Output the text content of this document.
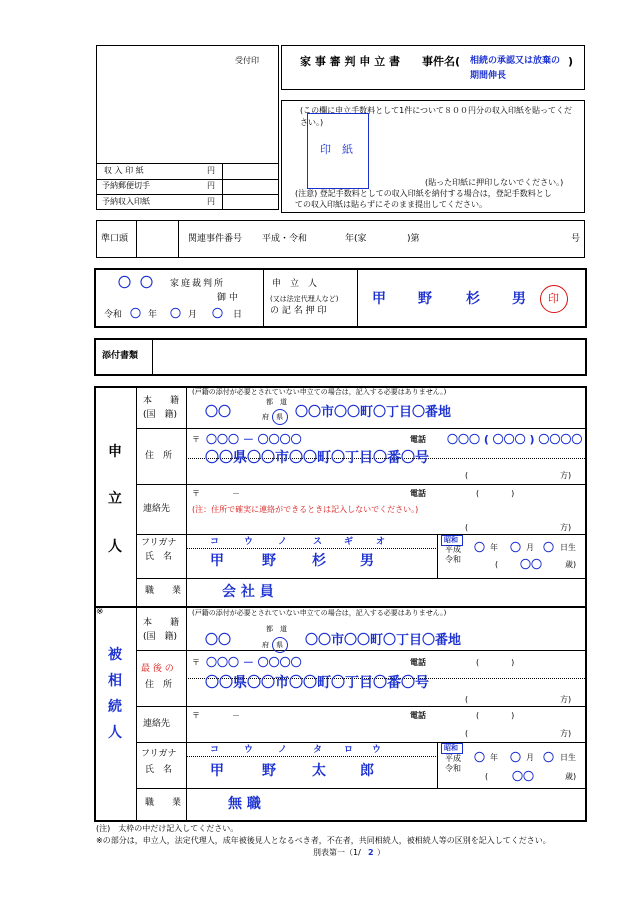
受付印
収 入 印 紙	円
予納郵便切手	円
予納収入印紙	円
家 事 審 判 申 立 書 事件名( 相続の承認又は放棄の )
期間伸長
(この欄に申立手数料として1件について８００円分の収入印紙を貼ってくだ
さい。)
印　紙
(貼った印紙に押印しないでください。)
(注意) 登記手数料としての収入印紙を納付する場合は，登記手数料とし
ての収入印紙は貼らずにそのまま提出してください。
準口頭	関連事件番号 平成・令和	年(家	)第	号
〇 〇 家庭裁判所
御中
令和 〇 年 〇 月 〇 日
申　立　人
(又は法定代理人など)
の 記 名 押 印
甲 野 杉 男 印
添付書類
申
立
人
本　　籍
(国　籍)
(戸籍の添付が必要とされていない申立ての場合は，記入する必要はありません。)
〇〇
都　道
府 県 〇〇市〇〇町〇丁目〇番地
住　所
〒 〇〇〇 － 〇〇〇〇	電話 〇〇〇 ( 〇〇〇 ) 〇〇〇〇
〇〇県〇〇市〇〇町〇丁目〇番〇号
(	方)
連絡先
〒　　　　－	電話	(　　　　)
(注：住所で確実に連絡ができるときは記入しないでください。)
(	方)
フリガナ
氏　名
コ	ウ	ノ	ス ギ	オ
甲	野	杉 男
昭和
平成
令和
〇 年 〇 月 〇 日生
( 〇〇	歳)
職　　業	会 社 員
※
被
相
続
人
本　　籍
(国　籍)
(戸籍の添付が必要とされていない申立ての場合は，記入する必要はありません。)
〇〇
都　道
府 県 〇〇市〇〇町〇丁目〇番地
最 後 の
住　所
〒 〇〇〇 － 〇〇〇〇	電話	(　　　　)
〇〇県〇〇市〇〇町〇丁目〇番〇号
(	方)
連絡先
〒　　　　－	電話	(　　　　)
(	方)
フリガナ
氏　名
コ	ウ	ノ	タ ロ ウ
甲	野	太 郎
昭和
平成
令和
〇 年 〇 月 〇 日生
( 〇〇	歳)
職　　業	無 職
(注)　太枠の中だけ記入してください。
※の部分は，申立人，法定代理人，成年被後見人となるべき者，不在者，共同相続人，被相続人等の区別を記入してください。
別表第一（1/ 2 ）
